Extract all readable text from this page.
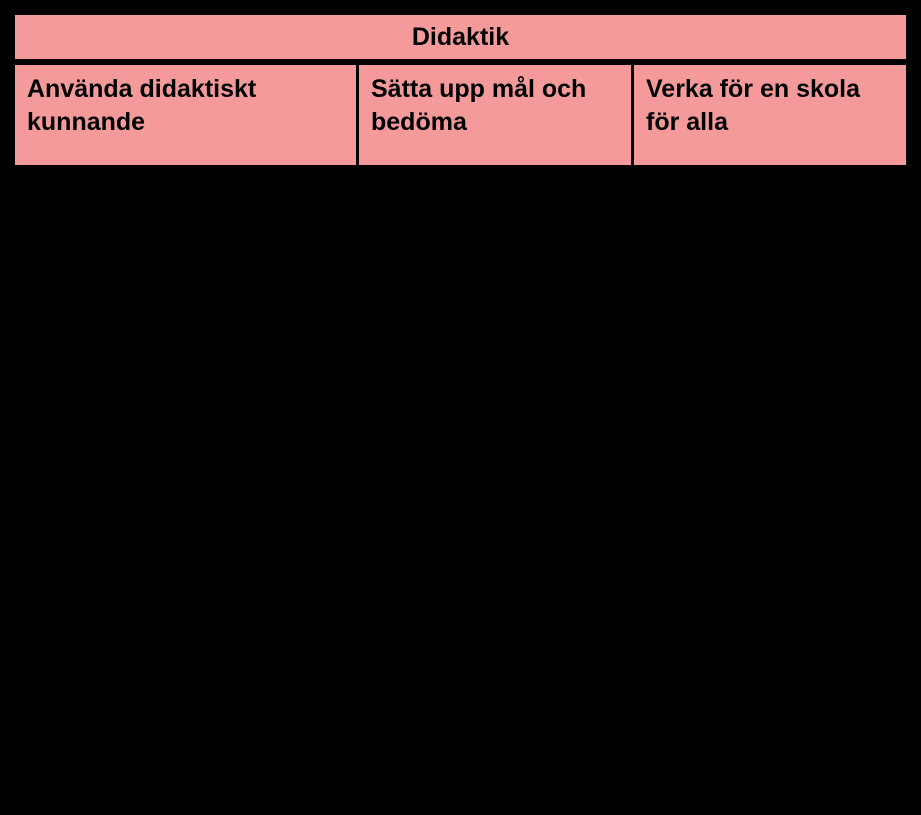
Didaktik
Använda didaktiskt kunnande
Sätta upp mål och bedöma
Verka för en skola för alla
